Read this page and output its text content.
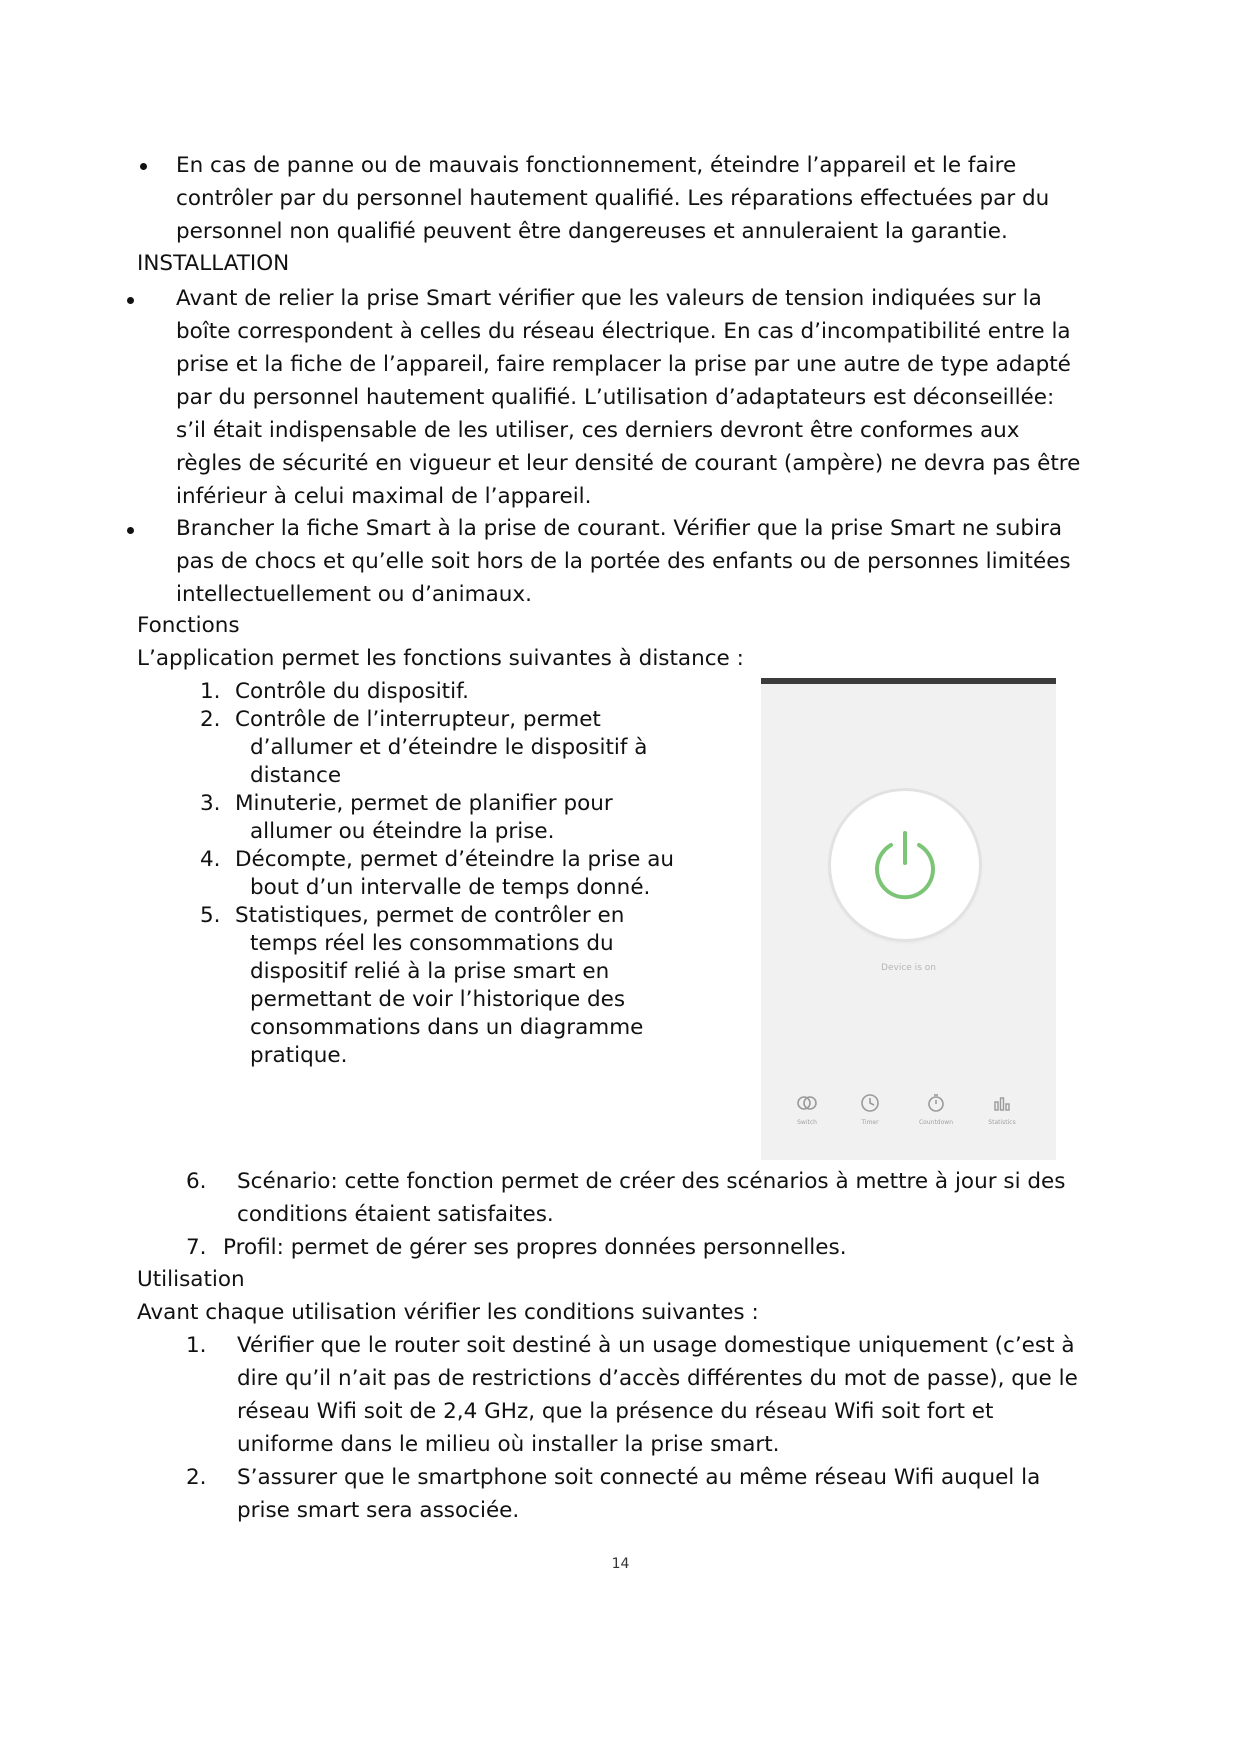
En cas de panne ou de mauvais fonctionnement, éteindre l’appareil et le faire
contrôler par du personnel hautement qualifié. Les réparations effectuées par du
personnel non qualifié peuvent être dangereuses et annuleraient la garantie.
INSTALLATION
Avant de relier la prise Smart vérifier que les valeurs de tension indiquées sur la
boîte correspondent à celles du réseau électrique. En cas d’incompatibilité entre la
prise et la fiche de l’appareil, faire remplacer la prise par une autre de type adapté
par du personnel hautement qualifié. L’utilisation d’adaptateurs est déconseillée:
s’il était indispensable de les utiliser, ces derniers devront être conformes aux
règles de sécurité en vigueur et leur densité de courant (ampère) ne devra pas être
inférieur à celui maximal de l’appareil.
Brancher la fiche Smart à la prise de courant. Vérifier que la prise Smart ne subira
pas de chocs et qu’elle soit hors de la portée des enfants ou de personnes limitées
intellectuellement ou d’animaux.
Fonctions
L’application permet les fonctions suivantes à distance :
1. Contrôle du dispositif.
2. Contrôle de l’interrupteur, permet
d’allumer et d’éteindre le dispositif à
distance
3. Minuterie, permet de planifier pour
allumer ou éteindre la prise.
4. Décompte, permet d’éteindre la prise au
bout d’un intervalle de temps donné.
5. Statistiques, permet de contrôler en
temps réel les consommations du
dispositif relié à la prise smart en
permettant de voir l’historique des
consommations dans un diagramme
pratique.
Device is on
Switch	Timer	Countdown	Statistics
6. Scénario: cette fonction permet de créer des scénarios à mettre à jour si des
conditions étaient satisfaites.
7. Profil: permet de gérer ses propres données personnelles.
Utilisation
Avant chaque utilisation vérifier les conditions suivantes :
1. Vérifier que le router soit destiné à un usage domestique uniquement (c’est à
dire qu’il n’ait pas de restrictions d’accès différentes du mot de passe), que le
réseau Wifi soit de 2,4 GHz, que la présence du réseau Wifi soit fort et
uniforme dans le milieu où installer la prise smart.
2. S’assurer que le smartphone soit connecté au même réseau Wifi auquel la
prise smart sera associée.
14
